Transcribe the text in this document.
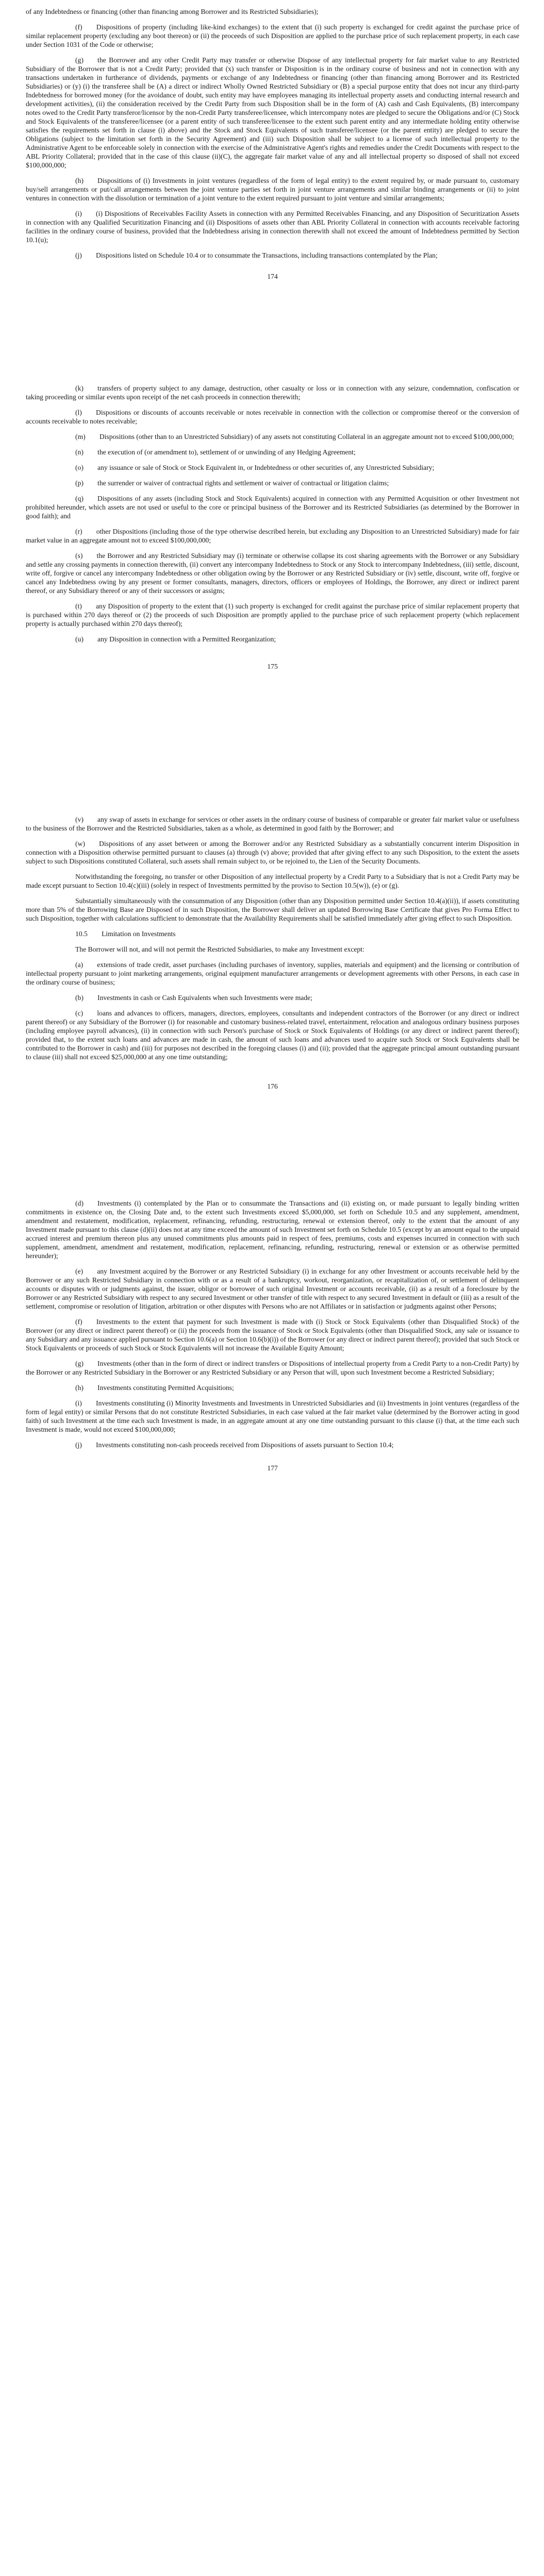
of any Indebtedness or financing (other than financing among Borrower and its Restricted Subsidiaries);

(f)  Dispositions of property (including like-kind exchanges) to the extent that (i) such property is exchanged for credit against the purchase price of similar replacement property (excluding any boot thereon) or (ii) the proceeds of such Disposition are applied to the purchase price of such replacement property, in each case under Section 1031 of the Code or otherwise;

(g)  the Borrower and any other Credit Party may transfer or otherwise Dispose of any intellectual property for fair market value to any Restricted Subsidiary of the Borrower that is not a Credit Party; provided that (x) such transfer or Disposition is in the ordinary course of business and not in connection with any transactions undertaken in furtherance of dividends, payments or exchange of any Indebtedness or financing (other than financing among Borrower and its Restricted Subsidiaries) or (y) (i) the transferee shall be (A) a direct or indirect Wholly Owned Restricted Subsidiary or (B) a special purpose entity that does not incur any third-party Indebtedness for borrowed money (for the avoidance of doubt, such entity may have employees managing its intellectual property assets and conducting internal research and development activities), (ii) the consideration received by the Credit Party from such Disposition shall be in the form of (A) cash and Cash Equivalents, (B) intercompany notes owed to the Credit Party transferor/licensor by the non-Credit Party transferee/licensee, which intercompany notes are pledged to secure the Obligations and/or (C) Stock and Stock Equivalents of the transferee/licensee (or a parent entity of such transferee/licensee to the extent such parent entity and any intermediate holding entity otherwise satisfies the requirements set forth in clause (i) above) and the Stock and Stock Equivalents of such transferee/licensee (or the parent entity) are pledged to secure the Obligations (subject to the limitation set forth in the Security Agreement) and (iii) such Disposition shall be subject to a license of such intellectual property to the Administrative Agent to be enforceable solely in connection with the exercise of the Administrative Agent's rights and remedies under the Credit Documents with respect to the ABL Priority Collateral; provided that in the case of this clause (ii)(C), the aggregate fair market value of any and all intellectual property so disposed of shall not exceed $100,000,000;

(h)  Dispositions of (i) Investments in joint ventures (regardless of the form of legal entity) to the extent required by, or made pursuant to, customary buy/sell arrangements or put/call arrangements between the joint venture parties set forth in joint venture arrangements and similar binding arrangements or (ii) to joint ventures in connection with the dissolution or termination of a joint venture to the extent required pursuant to joint venture and similar arrangements;

(i)  (i) Dispositions of Receivables Facility Assets in connection with any Permitted Receivables Financing, and any Disposition of Securitization Assets in connection with any Qualified Securitization Financing and (ii) Dispositions of assets other than ABL Priority Collateral in connection with accounts receivable factoring facilities in the ordinary course of business, provided that the Indebtedness arising in connection therewith shall not exceed the amount of Indebtedness permitted by Section 10.1(u);

(j)  Dispositions listed on Schedule 10.4 or to consummate the Transactions, including transactions contemplated by the Plan;

174

(k)  transfers of property subject to any damage, destruction, other casualty or loss or in connection with any seizure, condemnation, confiscation or taking proceeding or similar events upon receipt of the net cash proceeds in connection therewith;

(l)  Dispositions or discounts of accounts receivable or notes receivable in connection with the collection or compromise thereof or the conversion of accounts receivable to notes receivable;

(m)  Dispositions (other than to an Unrestricted Subsidiary) of any assets not constituting Collateral in an aggregate amount not to exceed $100,000,000;

(n)  the execution of (or amendment to), settlement of or unwinding of any Hedging Agreement;

(o)  any issuance or sale of Stock or Stock Equivalent in, or Indebtedness or other securities of, any Unrestricted Subsidiary;

(p)  the surrender or waiver of contractual rights and settlement or waiver of contractual or litigation claims;

(q)  Dispositions of any assets (including Stock and Stock Equivalents) acquired in connection with any Permitted Acquisition or other Investment not prohibited hereunder, which assets are not used or useful to the core or principal business of the Borrower and its Restricted Subsidiaries (as determined by the Borrower in good faith); and

(r)  other Dispositions (including those of the type otherwise described herein, but excluding any Disposition to an Unrestricted Subsidiary) made for fair market value in an aggregate amount not to exceed $100,000,000;

(s)  the Borrower and any Restricted Subsidiary may (i) terminate or otherwise collapse its cost sharing agreements with the Borrower or any Subsidiary and settle any crossing payments in connection therewith, (ii) convert any intercompany Indebtedness to Stock or any Stock to intercompany Indebtedness, (iii) settle, discount, write off, forgive or cancel any intercompany Indebtedness or other obligation owing by the Borrower or any Restricted Subsidiary or (iv) settle, discount, write off, forgive or cancel any Indebtedness owing by any present or former consultants, managers, directors, officers or employees of Holdings, the Borrower, any direct or indirect parent thereof, or any Subsidiary thereof or any of their successors or assigns;

(t)  any Disposition of property to the extent that (1) such property is exchanged for credit against the purchase price of similar replacement property that is purchased within 270 days thereof or (2) the proceeds of such Disposition are promptly applied to the purchase price of such replacement property (which replacement property is actually purchased within 270 days thereof);

(u)  any Disposition in connection with a Permitted Reorganization;

175

(v)  any swap of assets in exchange for services or other assets in the ordinary course of business of comparable or greater fair market value or usefulness to the business of the Borrower and the Restricted Subsidiaries, taken as a whole, as determined in good faith by the Borrower; and

(w)  Dispositions of any asset between or among the Borrower and/or any Restricted Subsidiary as a substantially concurrent interim Disposition in connection with a Disposition otherwise permitted pursuant to clauses (a) through (v) above; provided that after giving effect to any such Disposition, to the extent the assets subject to such Dispositions constituted Collateral, such assets shall remain subject to, or be rejoined to, the Lien of the Security Documents.

Notwithstanding the foregoing, no transfer or other Disposition of any intellectual property by a Credit Party to a Subsidiary that is not a Credit Party may be made except pursuant to Section 10.4(c)(iii) (solely in respect of Investments permitted by the proviso to Section 10.5(w)), (e) or (g).

Substantially simultaneously with the consummation of any Disposition (other than any Disposition permitted under Section 10.4(a)(ii)), if assets constituting more than 5% of the Borrowing Base are Disposed of in such Disposition, the Borrower shall deliver an updated Borrowing Base Certificate that gives Pro Forma Effect to such Disposition, together with calculations sufficient to demonstrate that the Availability Requirements shall be satisfied immediately after giving effect to such Disposition.

10.5  Limitation on Investments

The Borrower will not, and will not permit the Restricted Subsidiaries, to make any Investment except:

(a)  extensions of trade credit, asset purchases (including purchases of inventory, supplies, materials and equipment) and the licensing or contribution of intellectual property pursuant to joint marketing arrangements, original equipment manufacturer arrangements or development agreements with other Persons, in each case in the ordinary course of business;

(b)  Investments in cash or Cash Equivalents when such Investments were made;

(c)  loans and advances to officers, managers, directors, employees, consultants and independent contractors of the Borrower (or any direct or indirect parent thereof) or any Subsidiary of the Borrower (i) for reasonable and customary business-related travel, entertainment, relocation and analogous ordinary business purposes (including employee payroll advances), (ii) in connection with such Person's purchase of Stock or Stock Equivalents of Holdings (or any direct or indirect parent thereof); provided that, to the extent such loans and advances are made in cash, the amount of such loans and advances used to acquire such Stock or Stock Equivalents shall be contributed to the Borrower in cash) and (iii) for purposes not described in the foregoing clauses (i) and (ii); provided that the aggregate principal amount outstanding pursuant to clause (iii) shall not exceed $25,000,000 at any one time outstanding;

176

(d)  Investments (i) contemplated by the Plan or to consummate the Transactions and (ii) existing on, or made pursuant to legally binding written commitments in existence on, the Closing Date and, to the extent such Investments exceed $5,000,000, set forth on Schedule 10.5 and any supplement, amendment, amendment and restatement, modification, replacement, refinancing, refunding, restructuring, renewal or extension thereof, only to the extent that the amount of any Investment made pursuant to this clause (d)(ii) does not at any time exceed the amount of such Investment set forth on Schedule 10.5 (except by an amount equal to the unpaid accrued interest and premium thereon plus any unused commitments plus amounts paid in respect of fees, premiums, costs and expenses incurred in connection with such supplement, amendment, amendment and restatement, modification, replacement, refinancing, refunding, restructuring, renewal or extension or as otherwise permitted hereunder);

(e)  any Investment acquired by the Borrower or any Restricted Subsidiary (i) in exchange for any other Investment or accounts receivable held by the Borrower or any such Restricted Subsidiary in connection with or as a result of a bankruptcy, workout, reorganization, or recapitalization of, or settlement of delinquent accounts or disputes with or judgments against, the issuer, obligor or borrower of such original Investment or accounts receivable, (ii) as a result of a foreclosure by the Borrower or any Restricted Subsidiary with respect to any secured Investment or other transfer of title with respect to any secured Investment in default or (iii) as a result of the settlement, compromise or resolution of litigation, arbitration or other disputes with Persons who are not Affiliates or in satisfaction or judgments against other Persons;

(f)  Investments to the extent that payment for such Investment is made with (i) Stock or Stock Equivalents (other than Disqualified Stock) of the Borrower (or any direct or indirect parent thereof) or (ii) the proceeds from the issuance of Stock or Stock Equivalents (other than Disqualified Stock, any sale or issuance to any Subsidiary and any issuance applied pursuant to Section 10.6(a) or Section 10.6(b)(i)) of the Borrower (or any direct or indirect parent thereof); provided that such Stock or Stock Equivalents or proceeds of such Stock or Stock Equivalents will not increase the Available Equity Amount;

(g)  Investments (other than in the form of direct or indirect transfers or Dispositions of intellectual property from a Credit Party to a non-Credit Party) by the Borrower or any Restricted Subsidiary in the Borrower or any Restricted Subsidiary or any Person that will, upon such Investment become a Restricted Subsidiary;

(h)  Investments constituting Permitted Acquisitions;

(i)  Investments constituting (i) Minority Investments and Investments in Unrestricted Subsidiaries and (ii) Investments in joint ventures (regardless of the form of legal entity) or similar Persons that do not constitute Restricted Subsidiaries, in each case valued at the fair market value (determined by the Borrower acting in good faith) of such Investment at the time each such Investment is made, in an aggregate amount at any one time outstanding pursuant to this clause (i) that, at the time each such Investment is made, would not exceed $100,000,000;

(j)  Investments constituting non-cash proceeds received from Dispositions of assets pursuant to Section 10.4;

177
